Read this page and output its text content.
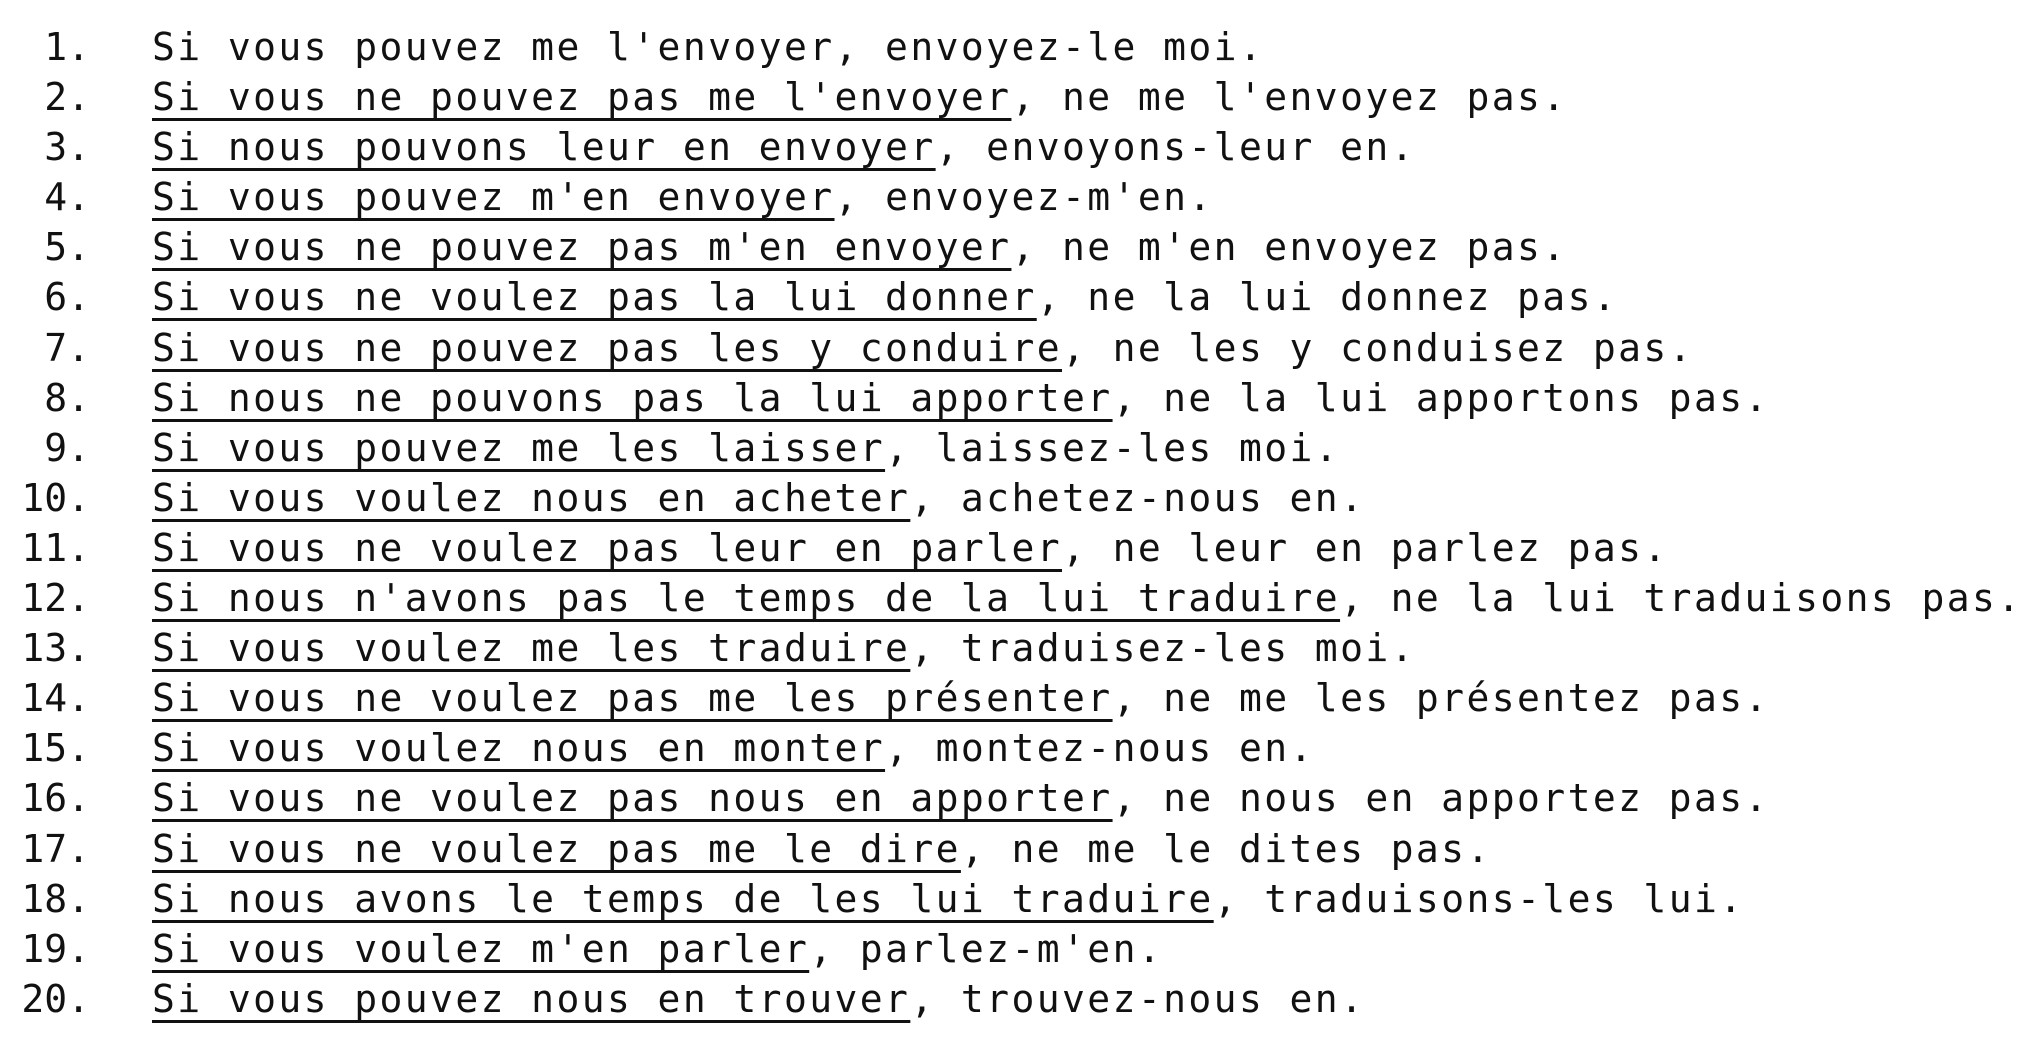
1. Si vous pouvez me l'envoyer, envoyez-le moi.
2. Si vous ne pouvez pas me l'envoyer, ne me l'envoyez pas.
3. Si nous pouvons leur en envoyer, envoyons-leur en.
4. Si vous pouvez m'en envoyer, envoyez-m'en.
5. Si vous ne pouvez pas m'en envoyer, ne m'en envoyez pas.
6. Si vous ne voulez pas la lui donner, ne la lui donnez pas.
7. Si vous ne pouvez pas les y conduire, ne les y conduisez pas.
8. Si nous ne pouvons pas la lui apporter, ne la lui apportons pas.
9. Si vous pouvez me les laisser, laissez-les moi.
10. Si vous voulez nous en acheter, achetez-nous en.
11. Si vous ne voulez pas leur en parler, ne leur en parlez pas.
12. Si nous n'avons pas le temps de la lui traduire, ne la lui traduisons pas.
13. Si vous voulez me les traduire, traduisez-les moi.
14. Si vous ne voulez pas me les présenter, ne me les présentez pas.
15. Si vous voulez nous en monter, montez-nous en.
16. Si vous ne voulez pas nous en apporter, ne nous en apportez pas.
17. Si vous ne voulez pas me le dire, ne me le dites pas.
18. Si nous avons le temps de les lui traduire, traduisons-les lui.
19. Si vous voulez m'en parler, parlez-m'en.
20. Si vous pouvez nous en trouver, trouvez-nous en.
